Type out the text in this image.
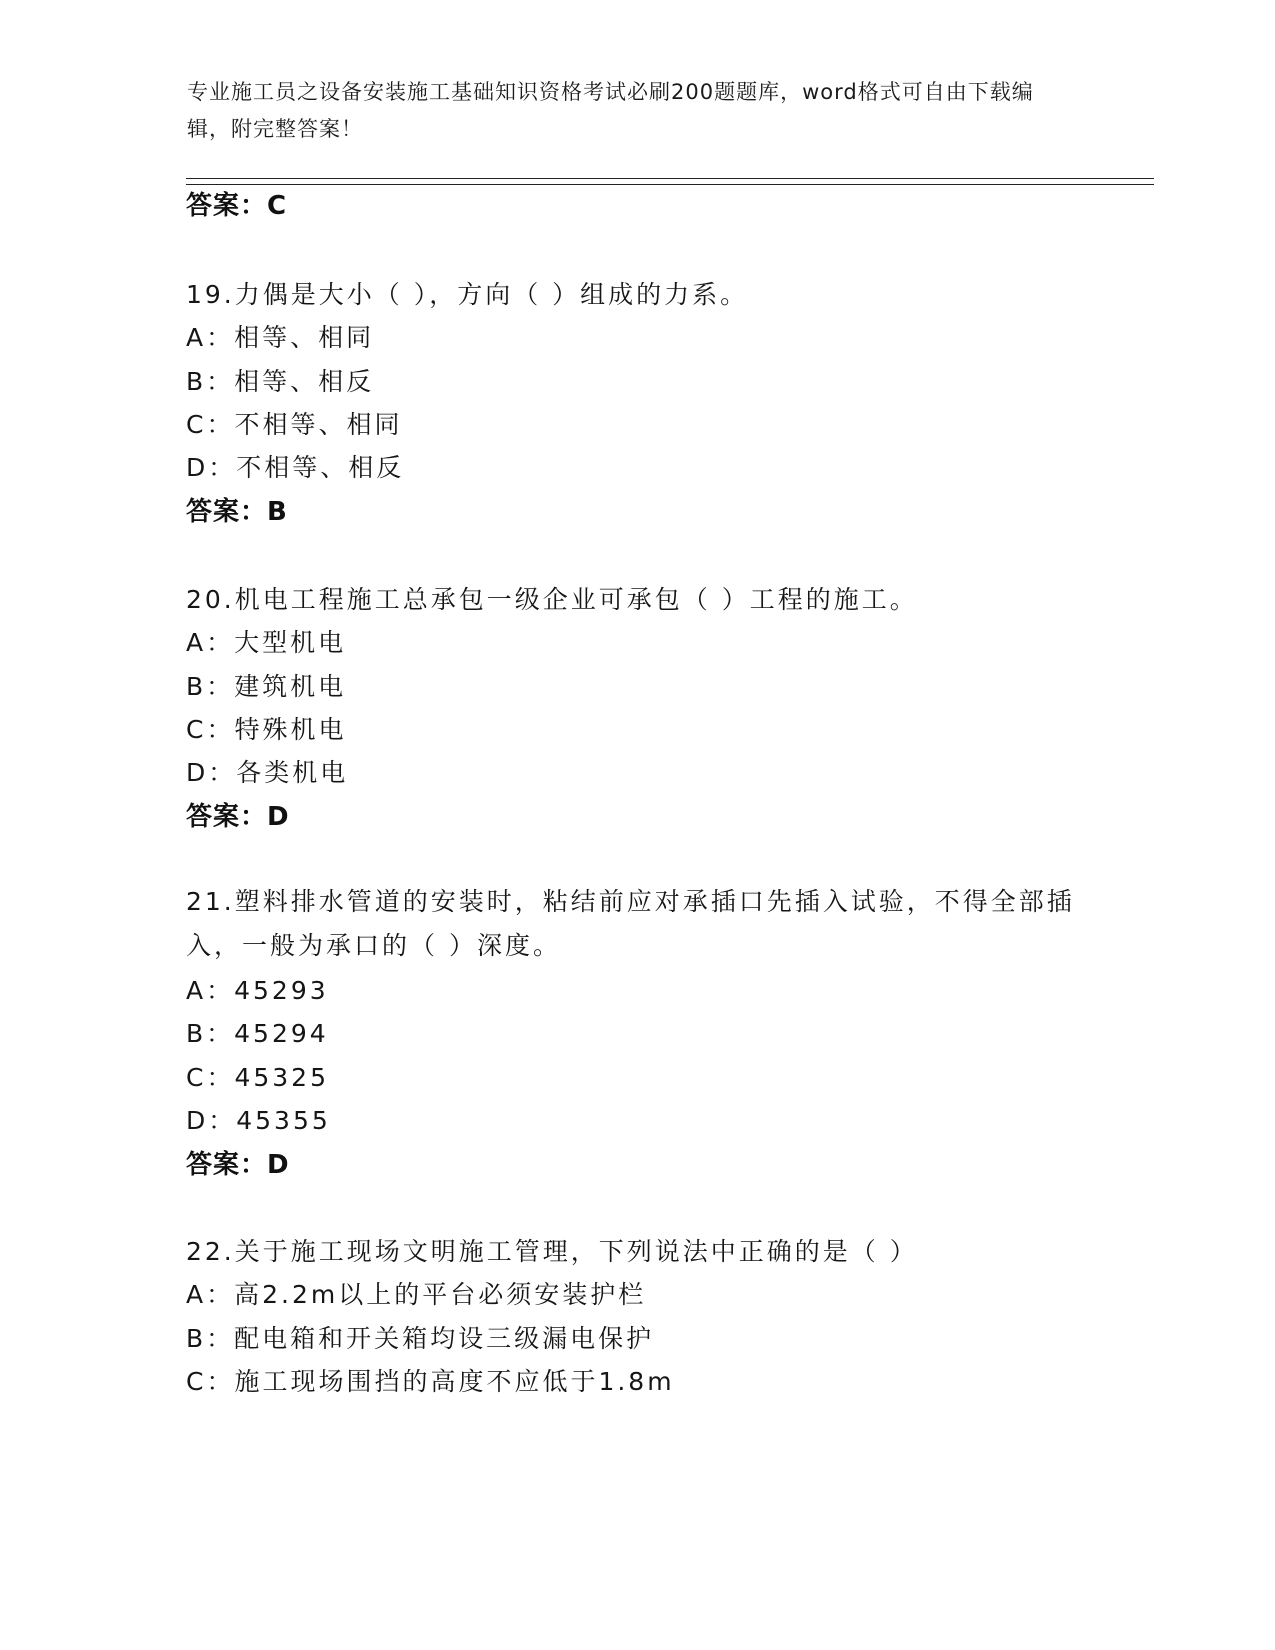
专业施工员之设备安装施工基础知识资格考试必刷200题题库，word格式可自由下载编辑，附完整答案！
答案：C
19.力偶是大小（ ），方向（ ）组成的力系。
A：相等、相同
B：相等、相反
C：不相等、相同
D：不相等、相反
答案：B
20.机电工程施工总承包一级企业可承包（ ）工程的施工。
A：大型机电
B：建筑机电
C：特殊机电
D：各类机电
答案：D
21.塑料排水管道的安装时，粘结前应对承插口先插入试验，不得全部插入，一般为承口的（ ）深度。
A：45293
B：45294
C：45325
D：45355
答案：D
22.关于施工现场文明施工管理，下列说法中正确的是（ ）
A：高2.2m以上的平台必须安装护栏
B：配电箱和开关箱均设三级漏电保护
C：施工现场围挡的高度不应低于1.8m
